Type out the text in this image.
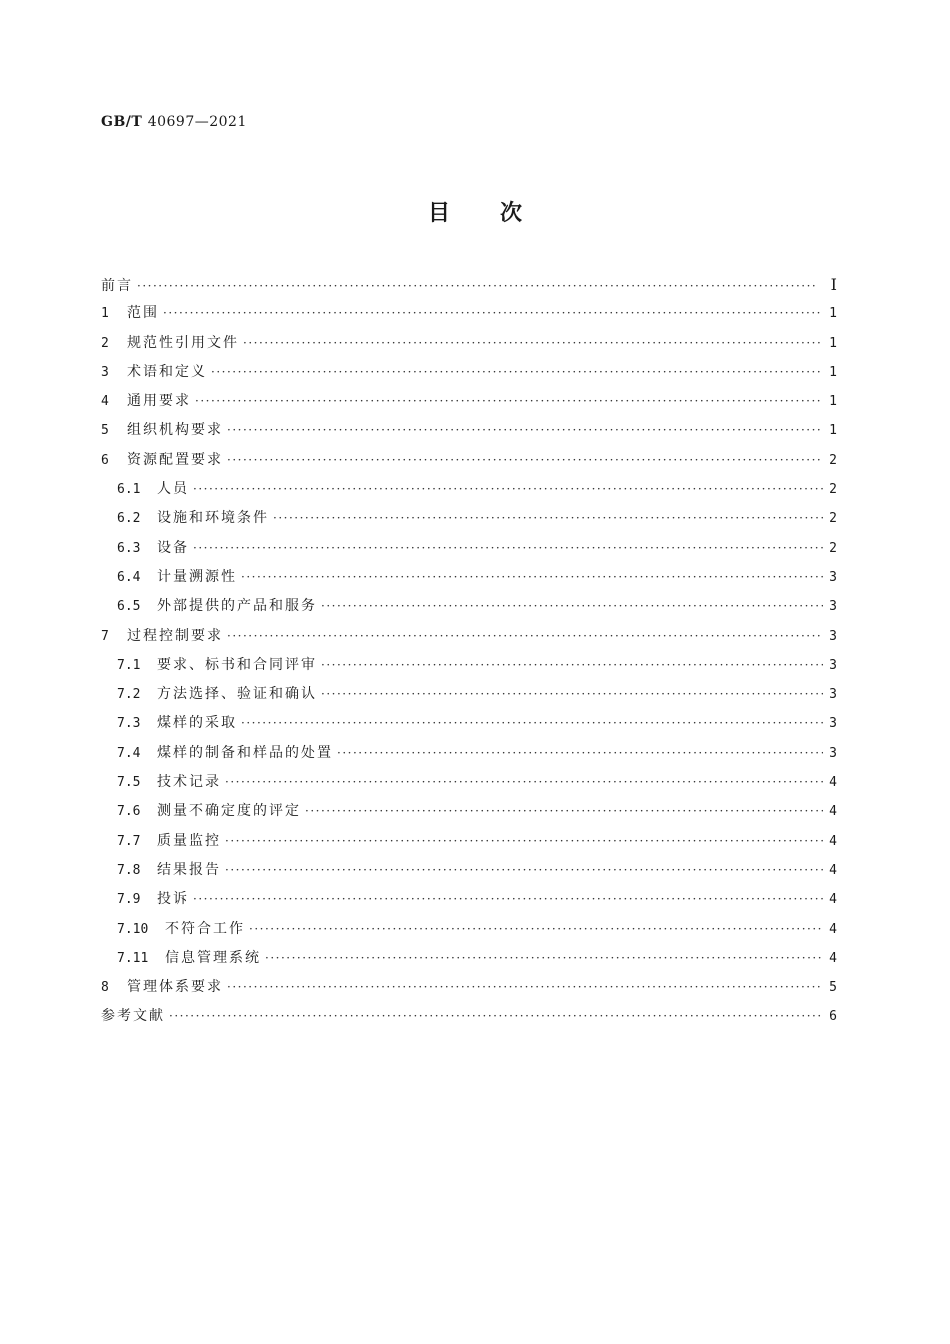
GB/T 40697—2021
目次
前言 ·····	I
1	范围 ·····	1
2	规范性引用文件 ·····	1
3	术语和定义 ·····	1
4	通用要求 ·····	1
5	组织机构要求 ·····	1
6	资源配置要求 ·····	2
6.1	人员 ·····	2
6.2	设施和环境条件 ·····	2
6.3	设备 ·····	2
6.4	计量溯源性 ·····	3
6.5	外部提供的产品和服务 ·····	3
7	过程控制要求 ·····	3
7.1	要求、标书和合同评审 ·····	3
7.2	方法选择、验证和确认 ·····	3
7.3	煤样的采取 ·····	3
7.4	煤样的制备和样品的处置 ·····	3
7.5	技术记录 ·····	4
7.6	测量不确定度的评定 ·····	4
7.7	质量监控 ·····	4
7.8	结果报告 ·····	4
7.9	投诉 ·····	4
7.10	不符合工作 ·····	4
7.11	信息管理系统 ·····	4
8	管理体系要求 ·····	5
参考文献 ·····	6
